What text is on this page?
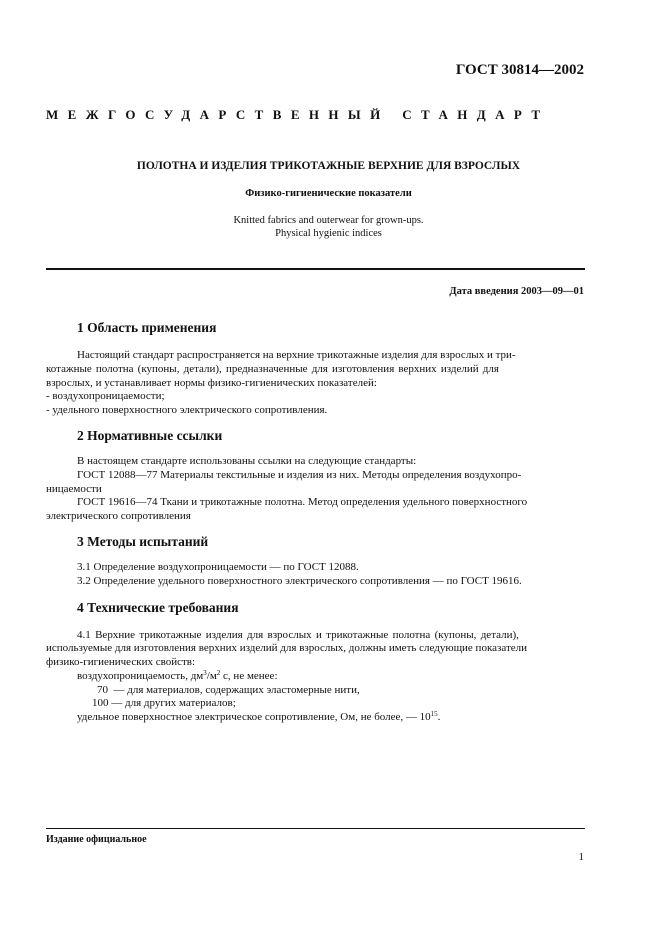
ГОСТ 30814—2002
МЕЖГОСУДАРСТВЕННЫЙ СТАНДАРТ
ПОЛОТНА И ИЗДЕЛИЯ ТРИКОТАЖНЫЕ ВЕРХНИЕ ДЛЯ ВЗРОСЛЫХ
Физико-гигиенические показатели
Knitted fabrics and outerwear for grown-ups.
Physical hygienic indices
Дата введения 2003—09—01
1 Область применения
Настоящий стандарт распространяется на верхние трикотажные изделия для взрослых и три-
котажные полотна (купоны, детали), предназначенные для изготовления верхних изделий для
взрослых, и устанавливает нормы физико-гигиенических показателей:
- воздухопроницаемости;
- удельного поверхностного электрического сопротивления.
2 Нормативные ссылки
В настоящем стандарте использованы ссылки на следующие стандарты:
ГОСТ 12088—77 Материалы текстильные и изделия из них. Методы определения воздухопро-
ницаемости
ГОСТ 19616—74 Ткани и трикотажные полотна. Метод определения удельного поверхностного
электрического сопротивления
3 Методы испытаний
3.1 Определение воздухопроницаемости — по ГОСТ 12088.
3.2 Определение удельного поверхностного электрического сопротивления — по ГОСТ 19616.
4 Технические требования
4.1 Верхние трикотажные изделия для взрослых и трикотажные полотна (купоны, детали),
используемые для изготовления верхних изделий для взрослых, должны иметь следующие показатели
физико-гигиенических свойств:
воздухопроницаемость, $дм^3/м^2$ с, не менее:
70  — для материалов, содержащих эластомерные нити,
100 — для других материалов;
удельное поверхностное электрическое сопротивление, Ом, не более, — $10^{15}$.
Издание официальное
1
